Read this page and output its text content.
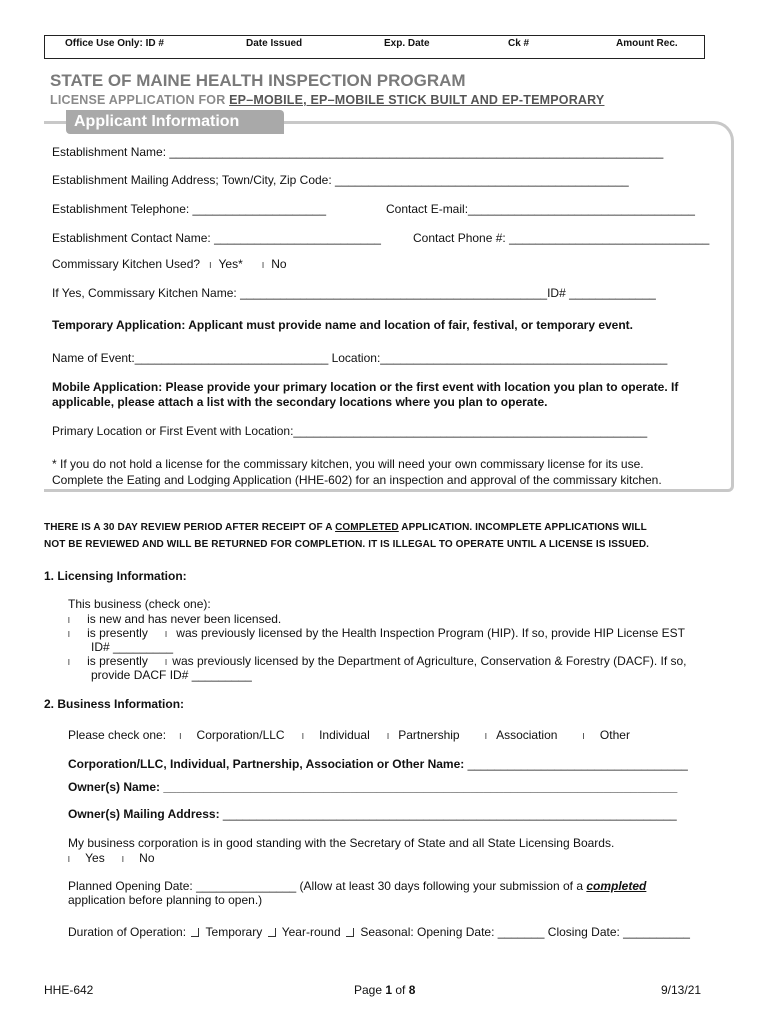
Office Use Only: ID #	Date Issued	Exp. Date	Ck #	Amount Rec.
STATE OF MAINE HEALTH INSPECTION PROGRAM
LICENSE APPLICATION FOR EP–MOBILE, EP–MOBILE STICK BUILT AND EP-TEMPORARY
Applicant Information
Establishment Name: __________________________________________________________________________
Establishment Mailing Address; Town/City, Zip Code: ____________________________________________
Establishment Telephone: ____________________	Contact E-mail:__________________________________
Establishment Contact Name: _________________________	Contact Phone #: ______________________________
Commissary Kitchen Used? l Yes* l No
If Yes, Commissary Kitchen Name: ______________________________________________ID# _____________
Temporary Application: Applicant must provide name and location of fair, festival, or temporary event.
Name of Event:_____________________________ Location:___________________________________________
Mobile Application: Please provide your primary location or the first event with location you plan to operate. If
applicable, please attach a list with the secondary locations where you plan to operate.
Primary Location or First Event with Location:_____________________________________________________
* If you do not hold a license for the commissary kitchen, you will need your own commissary license for its use.
Complete the Eating and Lodging Application (HHE-602) for an inspection and approval of the commissary kitchen.
THERE IS A 30 DAY REVIEW PERIOD AFTER RECEIPT OF A COMPLETED APPLICATION. INCOMPLETE APPLICATIONS WILL
NOT BE REVIEWED AND WILL BE RETURNED FOR COMPLETION. IT IS ILLEGAL TO OPERATE UNTIL A LICENSE IS ISSUED.
1. Licensing Information:
This business (check one):
l is new and has never been licensed.
l is presently l was previously licensed by the Health Inspection Program (HIP). If so, provide HIP License EST
ID# _________
l is presently l was previously licensed by the Department of Agriculture, Conservation & Forestry (DACF). If so,
provide DACF ID# _________
2. Business Information:
Please check one: l Corporation/LLC l Individual l Partnership	l Association	l Other
Corporation/LLC, Individual, Partnership, Association or Other Name: _________________________________
Owner(s) Name: _____________________________________________________________________________
Owner(s) Mailing Address: ____________________________________________________________________
My business corporation is in good standing with the Secretary of State and all State Licensing Boards.
l Yes l No
Planned Opening Date: _______________ (Allow at least 30 days following your submission of a completed
application before planning to open.)
Duration of Operation: Temporary Year-round Seasonal: Opening Date: _______ Closing Date: __________
HHE-642	Page 1 of 8	9/13/21
